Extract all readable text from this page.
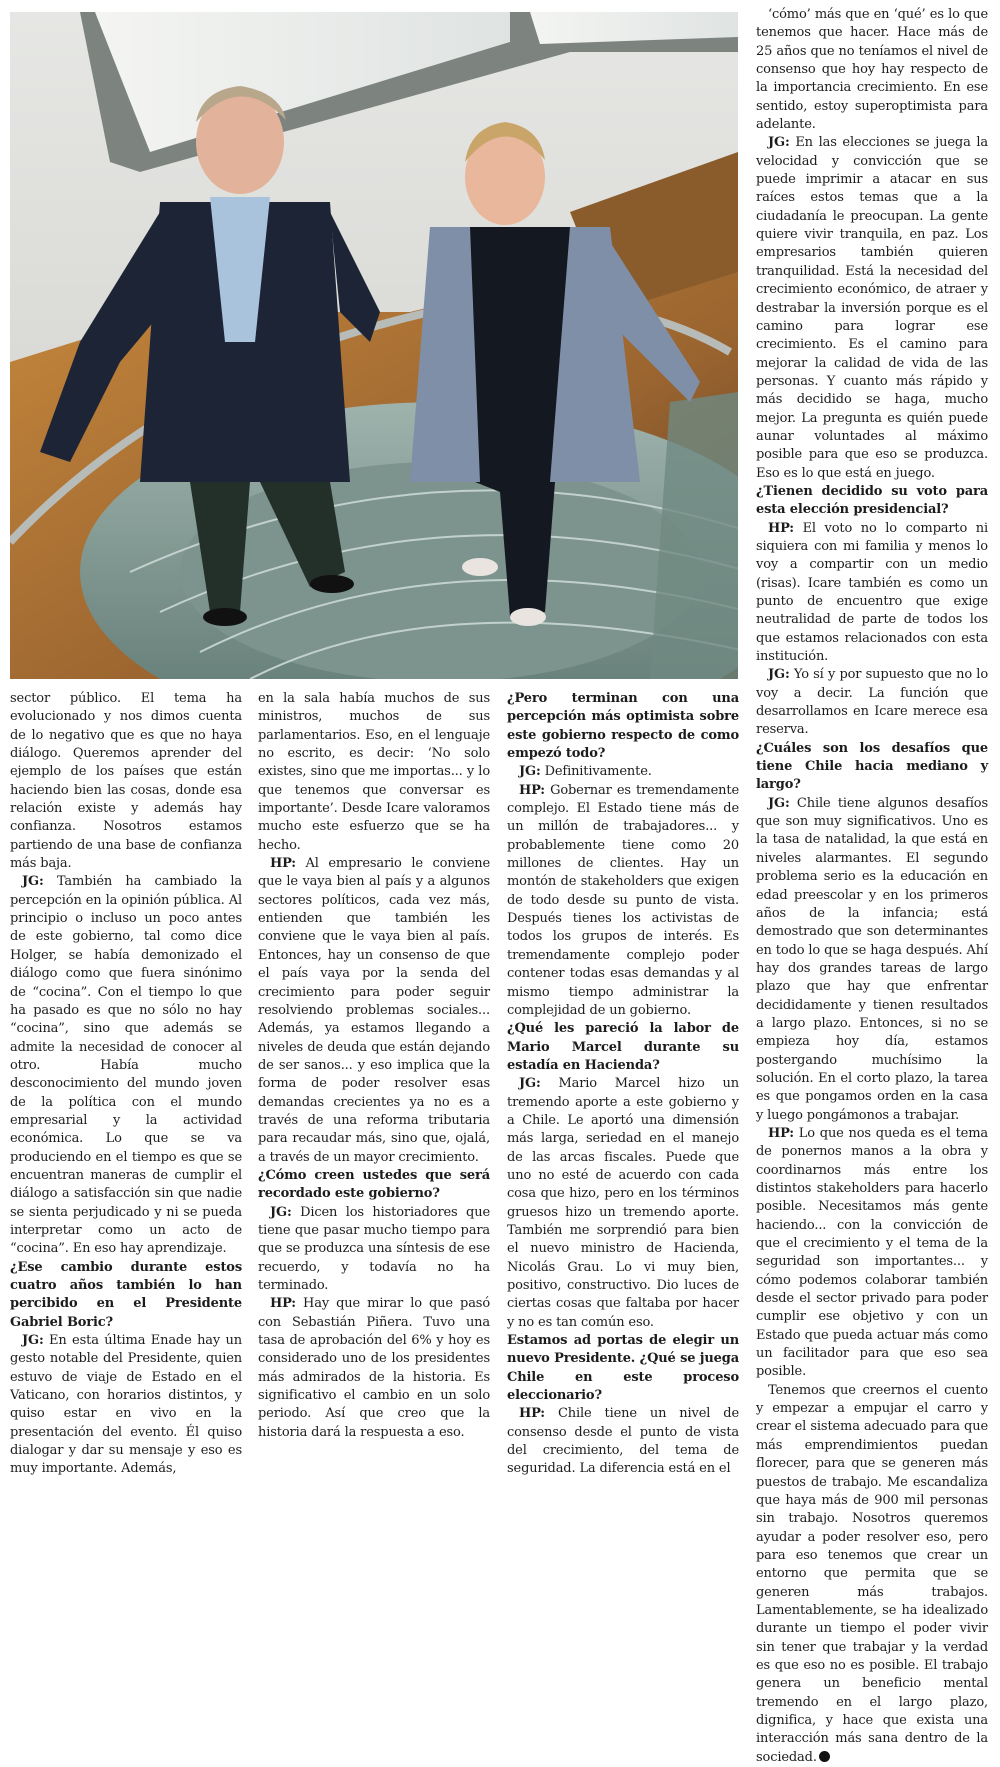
‘cómo’ más que en ‘qué’ es lo que tenemos que hacer. Hace más de 25 años que no teníamos el nivel de consenso que hoy hay respecto de la importancia crecimiento. En ese sentido, estoy superoptimista para adelante.

JG: En las elecciones se juega la velocidad y convicción que se puede imprimir a atacar en sus raíces estos temas que a la ciudadanía le preocupan. La gente quiere vivir tranquila, en paz. Los empresarios también quieren tranquilidad. Está la necesidad del crecimiento económico, de atraer y destrabar la inversión porque es el camino para lograr ese crecimiento. Es el camino para mejorar la calidad de vida de las personas. Y cuanto más rápido y más decidido se haga, mucho mejor. La pregunta es quién puede aunar voluntades al máximo posible para que eso se produzca. Eso es lo que está en juego.

¿Tienen decidido su voto para esta elección presidencial?

HP: El voto no lo comparto ni siquiera con mi familia y menos lo voy a compartir con un medio (risas). Icare también es como un punto de encuentro que exige neutralidad de parte de todos los que estamos relacionados con esta institución.

JG: Yo sí y por supuesto que no lo voy a decir. La función que desarrollamos en Icare merece esa reserva.

¿Cuáles son los desafíos que tiene Chile hacia mediano y largo?

JG: Chile tiene algunos desafíos que son muy significativos. Uno es la tasa de natalidad, la que está en niveles alarmantes. El segundo problema serio es la educación en edad preescolar y en los primeros años de la infancia; está demostrado que son determinantes en todo lo que se haga después. Ahí hay dos grandes tareas de largo plazo que hay que enfrentar decididamente y tienen resultados a largo plazo. Entonces, si no se empieza hoy día, estamos postergando muchísimo la solución. En el corto plazo, la tarea es que pongamos orden en la casa y luego pongámonos a trabajar.

HP: Lo que nos queda es el tema de ponernos manos a la obra y coordinarnos más entre los distintos stakeholders para hacerlo posible. Necesitamos más gente haciendo... con la convicción de que el crecimiento y el tema de la seguridad son importantes... y cómo podemos colaborar también desde el sector privado para poder cumplir ese objetivo y con un Estado que pueda actuar más como un facilitador para que eso sea posible.

Tenemos que creernos el cuento y empezar a empujar el carro y crear el sistema adecuado para que más emprendimientos puedan florecer, para que se generen más puestos de trabajo. Me escandaliza que haya más de 900 mil personas sin trabajo. Nosotros queremos ayudar a poder resolver eso, pero para eso tenemos que crear un entorno que permita que se generen más trabajos. Lamentablemente, se ha idealizado durante un tiempo el poder vivir sin tener que trabajar y la verdad es que eso no es posible. El trabajo genera un beneficio mental tremendo en el largo plazo, dignifica, y hace que exista una interacción más sana dentro de la sociedad.

sector público. El tema ha evolucionado y nos dimos cuenta de lo negativo que es que no haya diálogo. Queremos aprender del ejemplo de los países que están haciendo bien las cosas, donde esa relación existe y además hay confianza. Nosotros estamos partiendo de una base de confianza más baja.

JG: También ha cambiado la percepción en la opinión pública. Al principio o incluso un poco antes de este gobierno, tal como dice Holger, se había demonizado el diálogo como que fuera sinónimo de “cocina”. Con el tiempo lo que ha pasado es que no sólo no hay “cocina”, sino que además se admite la necesidad de conocer al otro. Había mucho desconocimiento del mundo joven de la política con el mundo empresarial y la actividad económica. Lo que se va produciendo en el tiempo es que se encuentran maneras de cumplir el diálogo a satisfacción sin que nadie se sienta perjudicado y ni se pueda interpretar como un acto de “cocina”. En eso hay aprendizaje.

¿Ese cambio durante estos cuatro años también lo han percibido en el Presidente Gabriel Boric?

JG: En esta última Enade hay un gesto notable del Presidente, quien estuvo de viaje de Estado en el Vaticano, con horarios distintos, y quiso estar en vivo en la presentación del evento. Él quiso dialogar y dar su mensaje y eso es muy importante. Además,

en la sala había muchos de sus ministros, muchos de sus parlamentarios. Eso, en el lenguaje no escrito, es decir: ‘No solo existes, sino que me importas... y lo que tenemos que conversar es importante’. Desde Icare valoramos mucho este esfuerzo que se ha hecho.

HP: Al empresario le conviene que le vaya bien al país y a algunos sectores políticos, cada vez más, entienden que también les conviene que le vaya bien al país. Entonces, hay un consenso de que el país vaya por la senda del crecimiento para poder seguir resolviendo problemas sociales... Además, ya estamos llegando a niveles de deuda que están dejando de ser sanos... y eso implica que la forma de poder resolver esas demandas crecientes ya no es a través de una reforma tributaria para recaudar más, sino que, ojalá, a través de un mayor crecimiento.

¿Cómo creen ustedes que será recordado este gobierno?

JG: Dicen los historiadores que tiene que pasar mucho tiempo para que se produzca una síntesis de ese recuerdo, y todavía no ha terminado.

HP: Hay que mirar lo que pasó con Sebastián Piñera. Tuvo una tasa de aprobación del 6% y hoy es considerado uno de los presidentes más admirados de la historia. Es significativo el cambio en un solo periodo. Así que creo que la historia dará la respuesta a eso.

¿Pero terminan con una percepción más optimista sobre este gobierno respecto de como empezó todo?

JG: Definitivamente.

HP: Gobernar es tremendamente complejo. El Estado tiene más de un millón de trabajadores... y probablemente tiene como 20 millones de clientes. Hay un montón de stakeholders que exigen de todo desde su punto de vista. Después tienes los activistas de todos los grupos de interés. Es tremendamente complejo poder contener todas esas demandas y al mismo tiempo administrar la complejidad de un gobierno.

¿Qué les pareció la labor de Mario Marcel durante su estadía en Hacienda?

JG: Mario Marcel hizo un tremendo aporte a este gobierno y a Chile. Le aportó una dimensión más larga, seriedad en el manejo de las arcas fiscales. Puede que uno no esté de acuerdo con cada cosa que hizo, pero en los términos gruesos hizo un tremendo aporte. También me sorprendió para bien el nuevo ministro de Hacienda, Nicolás Grau. Lo vi muy bien, positivo, constructivo. Dio luces de ciertas cosas que faltaba por hacer y no es tan común eso.

Estamos ad portas de elegir un nuevo Presidente. ¿Qué se juega Chile en este proceso eleccionario?

HP: Chile tiene un nivel de consenso desde el punto de vista del crecimiento, del tema de seguridad. La diferencia está en el
